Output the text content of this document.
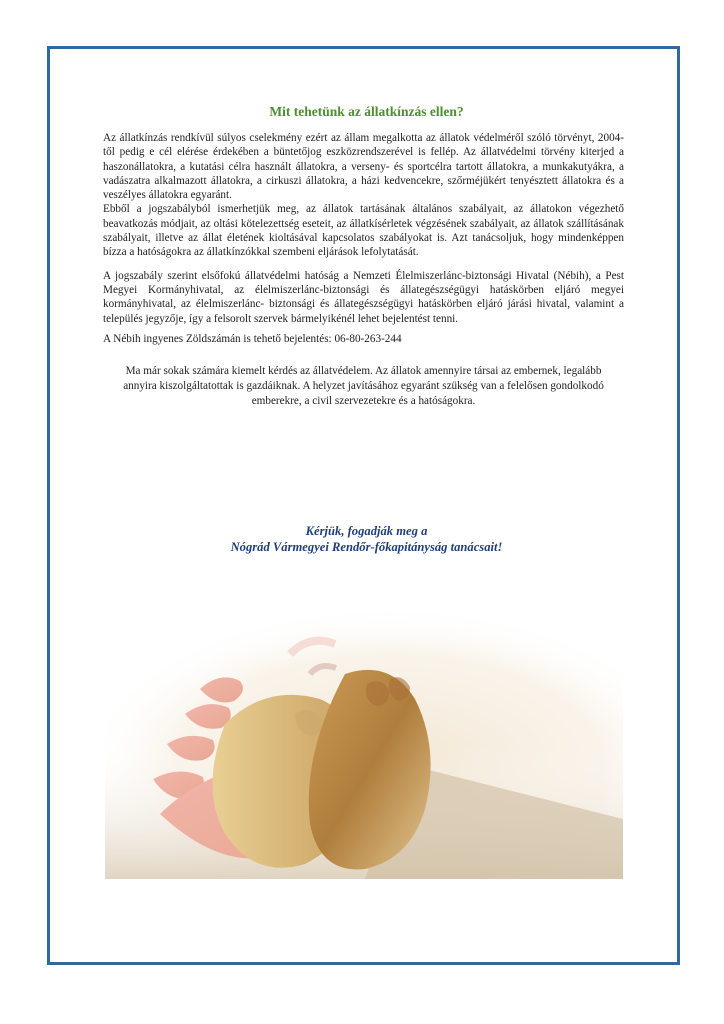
Mit tehetünk az állatkínzás ellen?

Az állatkínzás rendkívül súlyos cselekmény ezért az állam megalkotta az állatok védelméről szóló törvényt, 2004-től pedig e cél elérése érdekében a büntetőjog eszközrendszerével is fellép. Az állatvédelmi törvény kiterjed a haszonállatokra, a kutatási célra használt állatokra, a verseny- és sportcélra tartott állatokra, a munkakutyákra, a vadászatra alkalmazott állatokra, a cirkuszi állatokra, a házi kedvencekre, szőrméjükért tenyésztett állatokra és a veszélyes állatokra egyaránt.

Ebből a jogszabályból ismerhetjük meg, az állatok tartásának általános szabályait, az állatokon végezhető beavatkozás módjait, az oltási kötelezettség eseteit, az állatkísérletek végzésének szabályait, az állatok szállításának szabályait, illetve az állat életének kioltásával kapcsolatos szabályokat is. Azt tanácsoljuk, hogy mindenképpen bízza a hatóságokra az állatkínzókkal szembeni eljárások lefolytatását.

A jogszabály szerint elsőfokú állatvédelmi hatóság a Nemzeti Élelmiszerlánc-biztonsági Hivatal (Nébih), a Pest Megyei Kormányhivatal, az élelmiszerlánc-biztonsági és állategészségügyi hatáskörben eljáró megyei kormányhivatal, az élelmiszerlánc- biztonsági és állategészségügyi hatáskörben eljáró járási hivatal, valamint a település jegyzője, így a felsorolt szervek bármelyikénél lehet bejelentést tenni.

A Nébih ingyenes Zöldszámán is tehető bejelentés: 06-80-263-244

Ma már sokak számára kiemelt kérdés az állatvédelem. Az állatok amennyire társai az embernek, legalább annyira kiszolgáltatottak is gazdáiknak. A helyzet javításához egyaránt szükség van a felelősen gondolkodó emberekre, a civil szervezetekre és a hatóságokra.

Kérjük, fogadják meg a
Nógrád Vármegyei Rendőr-főkapitányság tanácsait!
